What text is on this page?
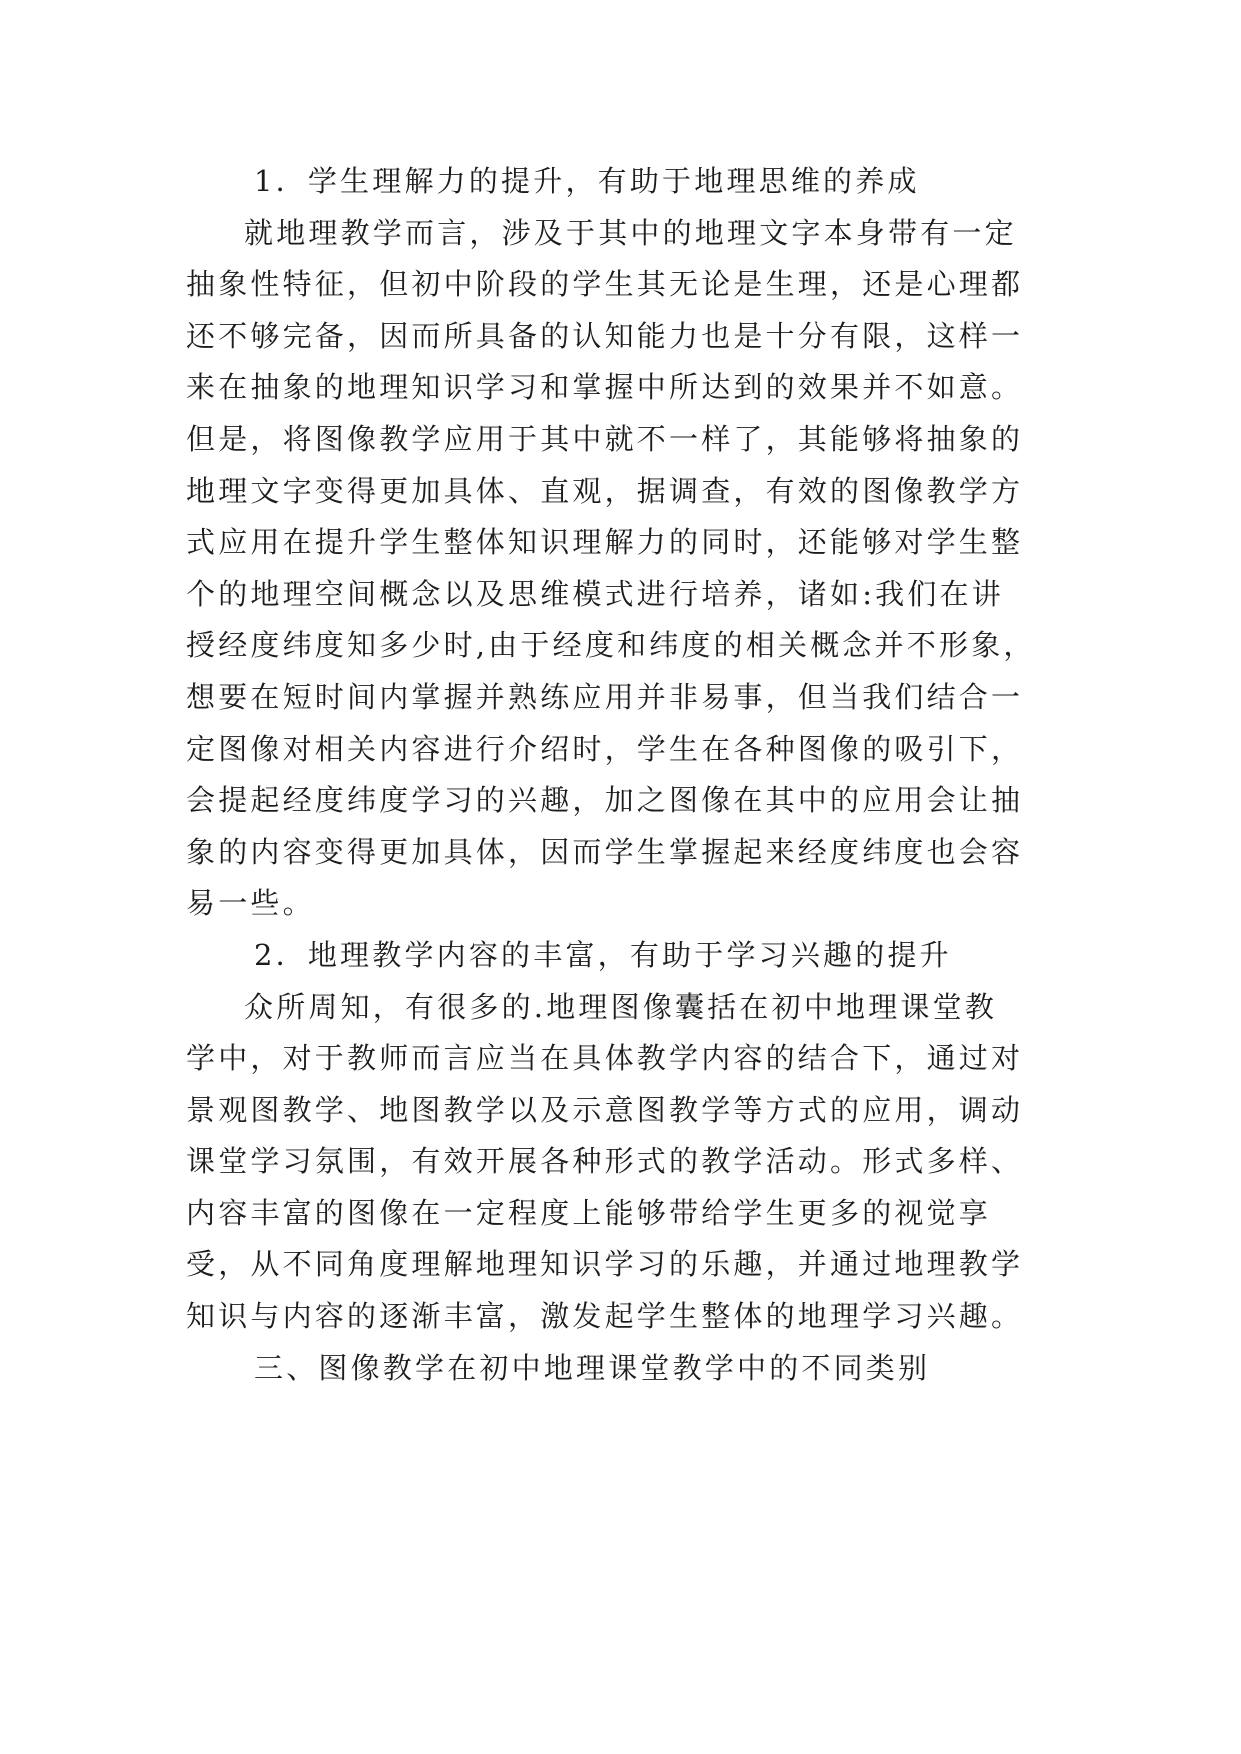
1．学生理解力的提升，有助于地理思维的养成
就地理教学而言，涉及于其中的地理文字本身带有一定
抽象性特征，但初中阶段的学生其无论是生理，还是心理都
还不够完备，因而所具备的认知能力也是十分有限，这样一
来在抽象的地理知识学习和掌握中所达到的效果并不如意。
但是，将图像教学应用于其中就不一样了，其能够将抽象的
地理文字变得更加具体、直观，据调查，有效的图像教学方
式应用在提升学生整体知识理解力的同时，还能够对学生整
个的地理空间概念以及思维模式进行培养，诸如:我们在讲
授经度纬度知多少时,由于经度和纬度的相关概念并不形象，
想要在短时间内掌握并熟练应用并非易事，但当我们结合一
定图像对相关内容进行介绍时，学生在各种图像的吸引下，
会提起经度纬度学习的兴趣，加之图像在其中的应用会让抽
象的内容变得更加具体，因而学生掌握起来经度纬度也会容
易一些。
2．地理教学内容的丰富，有助于学习兴趣的提升
众所周知，有很多的.地理图像囊括在初中地理课堂教
学中，对于教师而言应当在具体教学内容的结合下，通过对
景观图教学、地图教学以及示意图教学等方式的应用，调动
课堂学习氛围，有效开展各种形式的教学活动。形式多样、
内容丰富的图像在一定程度上能够带给学生更多的视觉享
受，从不同角度理解地理知识学习的乐趣，并通过地理教学
知识与内容的逐渐丰富，激发起学生整体的地理学习兴趣。
三、图像教学在初中地理课堂教学中的不同类别
